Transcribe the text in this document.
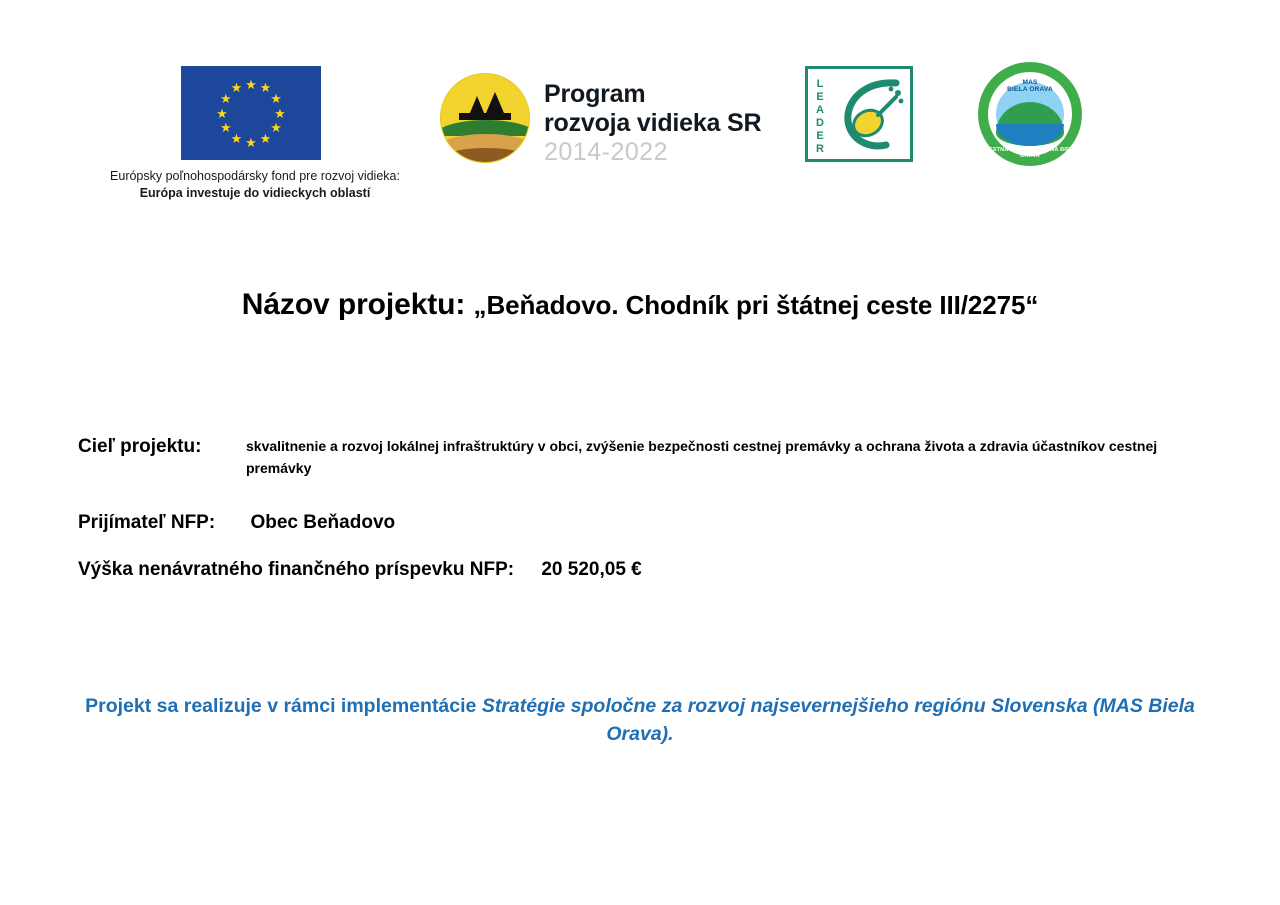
★ ★
★
★
★
★
★
★
★
★
★
★
Európsky poľnohospodársky fond pre rozvoj vidieka:
Európa investuje do vidieckych oblastí
Program
rozvoja vidieka SR
2014-2022	LEADER	MAS
BIELA ORAVA
MIESTNA AKČNÁ SKUPINA BIELA ORAVA
Názov projektu: „Beňadovo. Chodník pri štátnej ceste III/2275“
Cieľ projektu:	skvalitnenie a rozvoj lokálnej infraštruktúry v obci, zvýšenie bezpečnosti cestnej premávky a ochrana života a zdravia účastníkov cestnej premávky
Prijímateľ NFP: Obec Beňadovo
Výška nenávratného finančného príspevku NFP: 20 520,05 €
Projekt sa realizuje v rámci implementácie Stratégie spoločne za rozvoj najsevernejšieho regiónu Slovenska (MAS Biela Orava).
